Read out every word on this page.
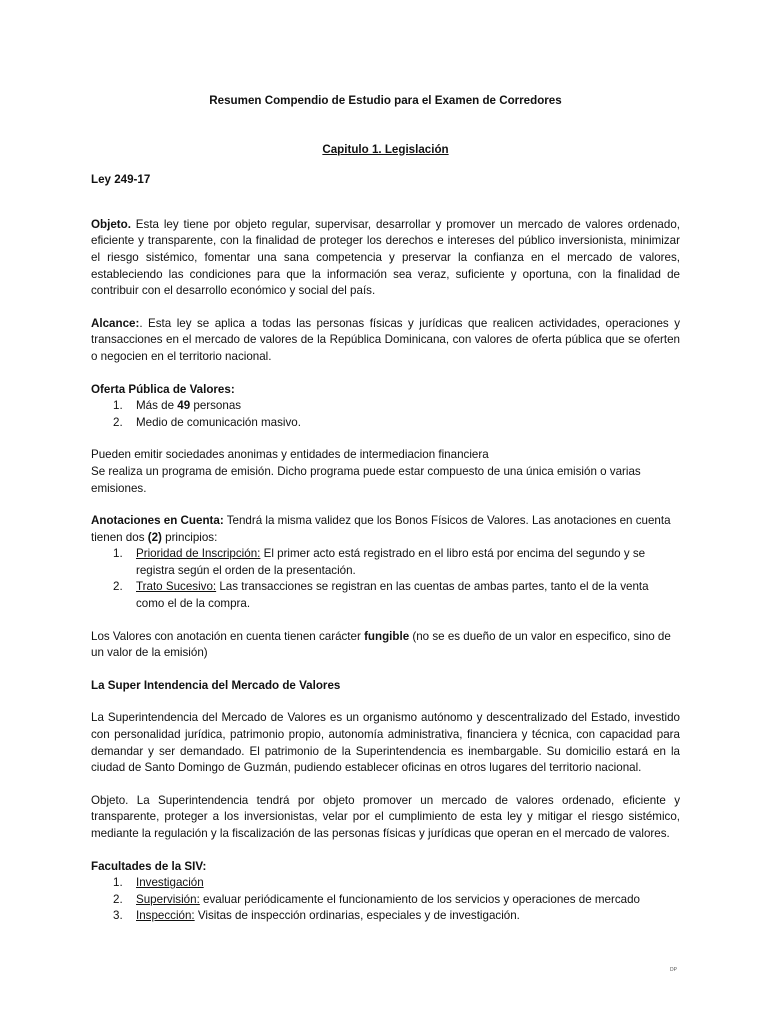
Resumen Compendio de Estudio para el Examen de Corredores

Capitulo 1. Legislación

Ley 249-17

Objeto. Esta ley tiene por objeto regular, supervisar, desarrollar y promover un mercado de valores ordenado, eficiente y transparente, con la finalidad de proteger los derechos e intereses del público inversionista, minimizar el riesgo sistémico, fomentar una sana competencia y preservar la confianza en el mercado de valores, estableciendo las condiciones para que la información sea veraz, suficiente y oportuna, con la finalidad de contribuir con el desarrollo económico y social del país.

Alcance:. Esta ley se aplica a todas las personas físicas y jurídicas que realicen actividades, operaciones y transacciones en el mercado de valores de la República Dominicana, con valores de oferta pública que se oferten o negocien en el territorio nacional.

Oferta Pública de Valores:

1. Más de 49 personas
2. Medio de comunicación masivo.

Pueden emitir sociedades anonimas y entidades de intermediacion financiera

Se realiza un programa de emisión. Dicho programa puede estar compuesto de una única emisión o varias emisiones.

Anotaciones en Cuenta: Tendrá la misma validez que los Bonos Físicos de Valores. Las anotaciones en cuenta tienen dos (2) principios:

1. Prioridad de Inscripción: El primer acto está registrado en el libro está por encima del segundo y se registra según el orden de la presentación.
2. Trato Sucesivo: Las transacciones se registran en las cuentas de ambas partes, tanto el de la venta como el de la compra.

Los Valores con anotación en cuenta tienen carácter fungible (no se es dueño de un valor en especifico, sino de un valor de la emisión)

La Super Intendencia del Mercado de Valores

La Superintendencia del Mercado de Valores es un organismo autónomo y descentralizado del Estado, investido con personalidad jurídica, patrimonio propio, autonomía administrativa, financiera y técnica, con capacidad para demandar y ser demandado. El patrimonio de la Superintendencia es inembargable. Su domicilio estará en la ciudad de Santo Domingo de Guzmán, pudiendo establecer oficinas en otros lugares del territorio nacional.

Objeto. La Superintendencia tendrá por objeto promover un mercado de valores ordenado, eficiente y transparente, proteger a los inversionistas, velar por el cumplimiento de esta ley y mitigar el riesgo sistémico, mediante la regulación y la fiscalización de las personas físicas y jurídicas que operan en el mercado de valores.

Facultades de la SIV:

1. Investigación
2. Supervisión: evaluar periódicamente el funcionamiento de los servicios y operaciones de mercado
3. Inspección: Visitas de inspección ordinarias, especiales y de investigación.
DP
